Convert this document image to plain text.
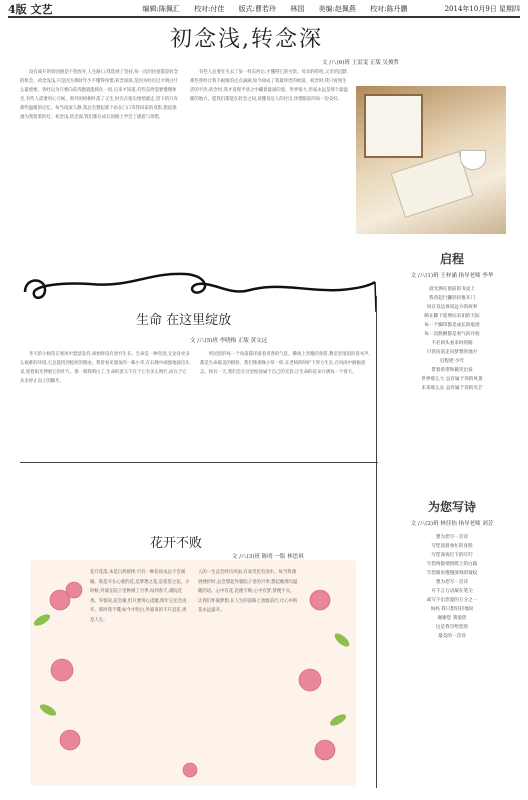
4版 文艺	编辑:陈佩汇 校对:付佳 版式:曹若玲 林园 美编:赵佩燕 校对:陈丹鹏	2014年10月9日 星期四
初念浅,转念深
文 /八(6)班 王雷雯 正版 吴俊哲
没有离开的原因便是不曾放弃,人生路口,我选择了坚持,每一次的彷徨都是转念的机会。初念浅浅,只是因为那时年少不懂得珍惜;转念深深,是因为经历过才明白什么最重要。曾经以为只要向前奔跑就能抓住一切,后来才知道,有些东西需要慢慢体会,有些人需要用心守候。窗外的梧桐叶落了又生,时光在指尖悄悄溜走,留下的只有那些温暖的记忆。每当夜深人静,我总会想起那个站在门口等我回家的身影,想起那盏为我留着的灯。初念浅,转念深,我们都在成长的路上学会了感恩与珍惜。
有些人总要在失去了某一样东西后,才懂得它的可贵。母亲的唠叨,父亲的沉默,那些曾经让我不耐烦的点点滴滴,如今却成了我最珍贵的财富。初念时,我只看到生活的平淡;转念时,我才发现平淡之中藏着最深的爱。世界很大,但家永远是那个最温暖的地方。愿我们都能在转念之间,读懂身边人的付出,珍惜眼前的每一份美好。
生命 在这里绽放
文 /八(5)班 李晓梅 正版 黄文远
冬天的小树苗在寒风中瑟瑟发抖,却始终没有放弃生长。生命是一种奇迹,无论身处多么艰难的环境,它总能找到绽放的理由。我曾看见墙角的一株小草,在石缝中顽强地探出头来,迎着阳光伸展它的叶片。那一刻我明白了,生命的意义不在于它有多么绚烂,而在于它从未停止向上的脚步。
校园里的每一个角落都洋溢着青春的气息。操场上奔跑的身影,教室里琅琅的读书声,都是生命最美的模样。我们像那株小草一样,在老师的呵护下努力生长,在风雨中磨砺意志。终有一天,我们会在这里绽放属于自己的光彩,让生命的花朵开满每一个春天。
花开不败
文 /八(3)班 陈明 一版 林思琪
花开花落,本是自然规律,可有一种花却永远不会凋谢。那是开在心底的花,是梦想之花,是希望之花。小时候,外婆在院子里种满了月季,每到春天,满院花香。外婆说,花会谢,但只要用心浇灌,明年它还会再开。那时我不懂,如今才明白,外婆说的不只是花,更是人生。
人的一生总会经历风雨,有欢笑也有泪水。每当我遇到挫折时,总会想起外婆院子里的月季,想起她那句温暖的话。心中有花,花便不败;心中有梦,梦便不灭。让我们怀揣梦想,在人生的道路上勇敢前行,让心中的花永远盛开。
启程
文 /八(1)班 王梓涵 指导老师 李华
晨光洒在窗前的书桌上
我背起行囊轻轻推开门
风在耳边诉说远方的故事
路在脚下延伸向未知的天际
每一个脚印都是成长的痕迹
每一次跌倒都是勇气的开始
不必回头看来时的路
只管向前走向梦想的地方
启程吧 少年
带着希望和微笑出发
世界那么大 总有属于你的风景
未来那么长 总有属于你的光芒
为您写诗
文 /八(2)班 林佳怡 指导老师 刘芳
想为您写一首诗
写您清晨匆忙的身影
写您深夜灯下的叮咛
写您两鬓悄悄爬上的白霜
写您眼角慢慢深刻的皱纹
想为您写一首诗
可千言万语凝在笔尖
却写不出您爱的万分之一
妈妈 我只想轻轻地说
谢谢您 我爱您
这是我写给您的
最美的一首诗
